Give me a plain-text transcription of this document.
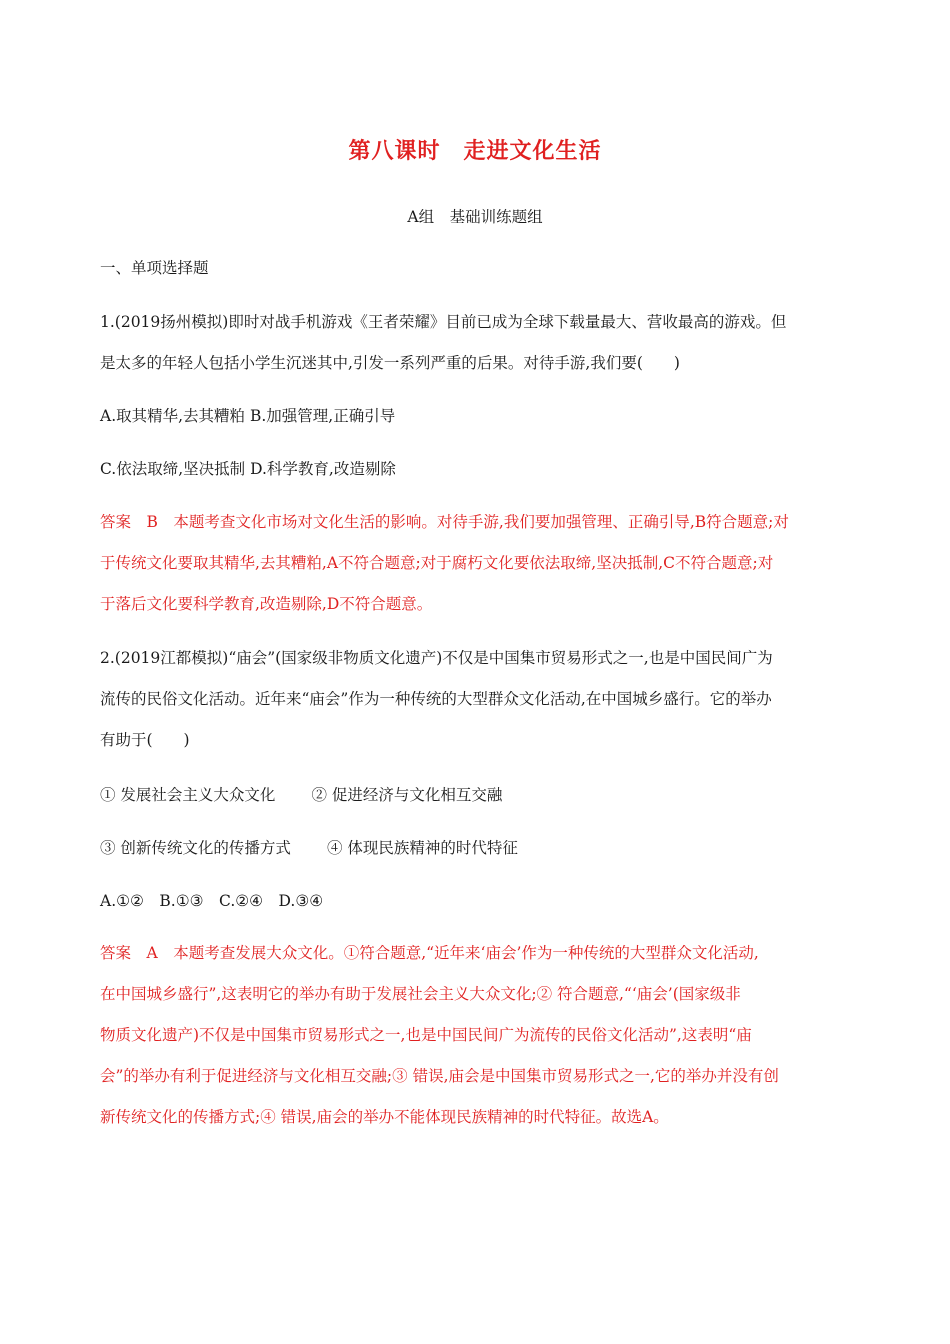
第八课时　走进文化生活
A组　基础训练题组
一、单项选择题
1.(2019扬州模拟)即时对战手机游戏《王者荣耀》目前已成为全球下载量最大、营收最高的游戏。但
是太多的年轻人包括小学生沉迷其中,引发一系列严重的后果。对待手游,我们要(　　)
A.取其精华,去其糟粕 B.加强管理,正确引导
C.依法取缔,坚决抵制 D.科学教育,改造剔除
答案　B　本题考查文化市场对文化生活的影响。对待手游,我们要加强管理、正确引导,B符合题意;对
于传统文化要取其精华,去其糟粕,A不符合题意;对于腐朽文化要依法取缔,坚决抵制,C不符合题意;对
于落后文化要科学教育,改造剔除,D不符合题意。
2.(2019江都模拟)“庙会”(国家级非物质文化遗产)不仅是中国集市贸易形式之一,也是中国民间广为
流传的民俗文化活动。近年来“庙会”作为一种传统的大型群众文化活动,在中国城乡盛行。它的举办
有助于(　　)
① 发展社会主义大众文化 ② 促进经济与文化相互交融
③ 创新传统文化的传播方式 ④ 体现民族精神的时代特征
A.①②　B.①③　C.②④　D.③④
答案　A　本题考查发展大众文化。①符合题意,“近年来‘庙会’作为一种传统的大型群众文化活动,
在中国城乡盛行”,这表明它的举办有助于发展社会主义大众文化;② 符合题意,“‘庙会’(国家级非
物质文化遗产)不仅是中国集市贸易形式之一,也是中国民间广为流传的民俗文化活动”,这表明“庙
会”的举办有利于促进经济与文化相互交融;③ 错误,庙会是中国集市贸易形式之一,它的举办并没有创
新传统文化的传播方式;④ 错误,庙会的举办不能体现民族精神的时代特征。故选A。
